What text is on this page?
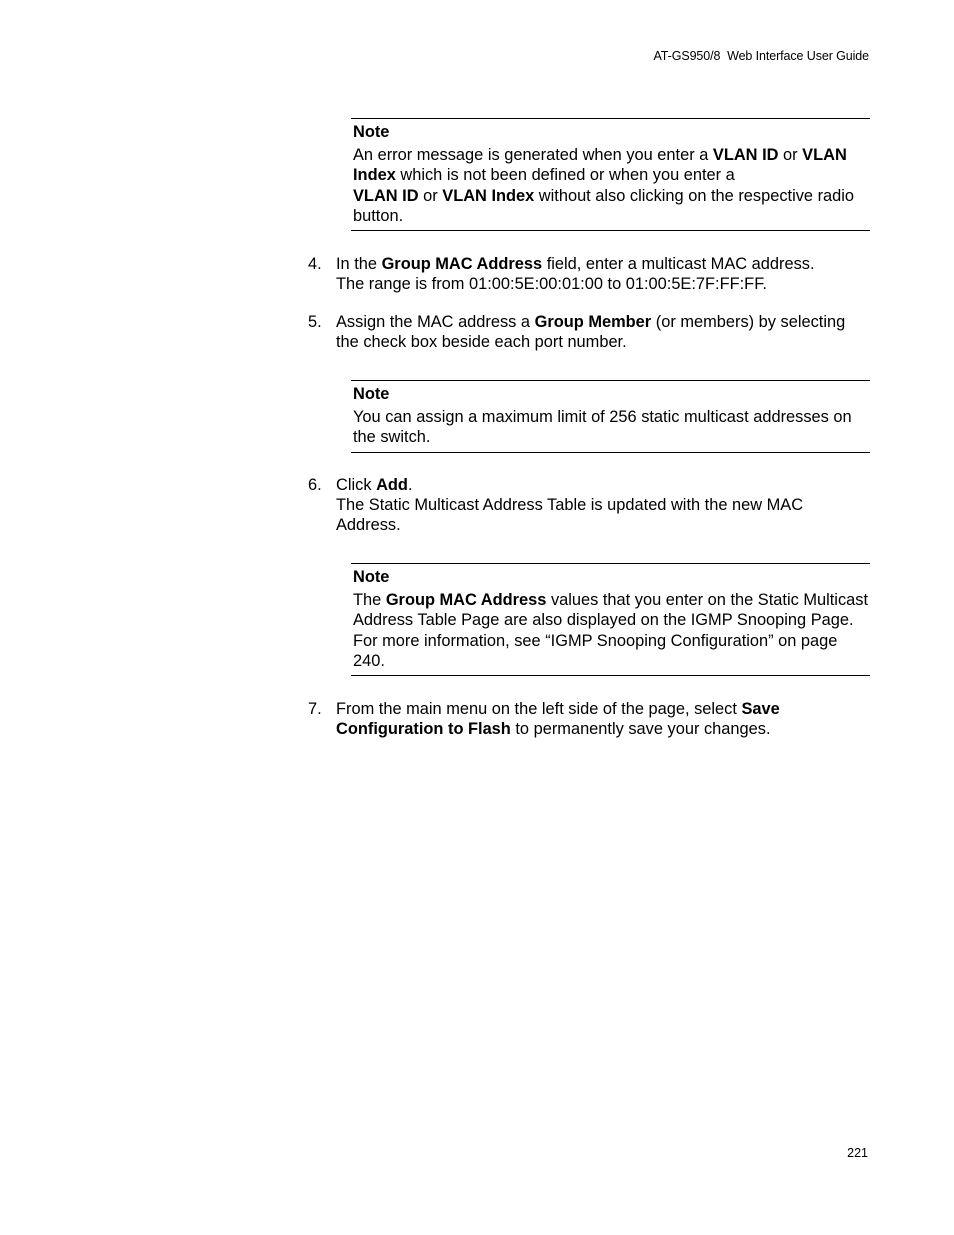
AT-GS950/8  Web Interface User Guide
Note
An error message is generated when you enter a VLAN ID or VLAN Index which is not been defined or when you enter a
VLAN ID or VLAN Index without also clicking on the respective radio button.
4. In the Group MAC Address field, enter a multicast MAC address.
The range is from 01:00:5E:00:01:00 to 01:00:5E:7F:FF:FF.
5. Assign the MAC address a Group Member (or members) by selecting the check box beside each port number.
Note
You can assign a maximum limit of 256 static multicast addresses on the switch.
6. Click Add.
The Static Multicast Address Table is updated with the new MAC Address.
Note
The Group MAC Address values that you enter on the Static Multicast Address Table Page are also displayed on the IGMP Snooping Page. For more information, see “IGMP Snooping Configuration” on page 240.
7. From the main menu on the left side of the page, select Save Configuration to Flash to permanently save your changes.
221
